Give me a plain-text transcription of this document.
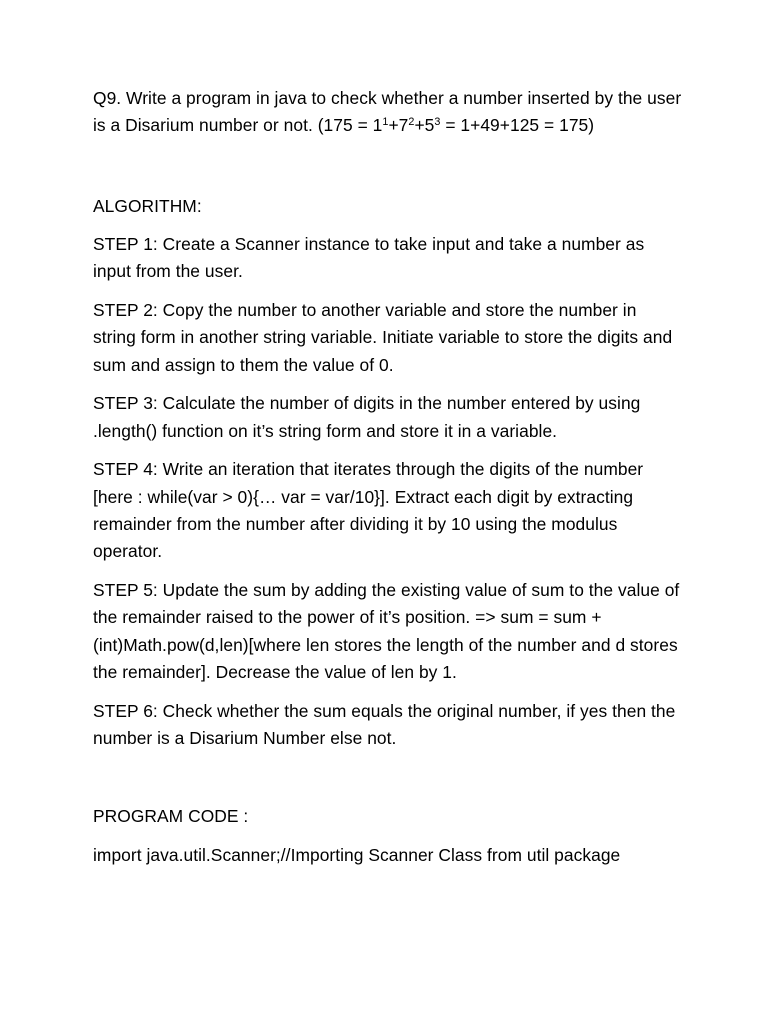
Q9. Write a program in java to check whether a number inserted by the user is a Disarium number or not. $(175 = 1^1+7^2+5^3 = 1+49+125 = 175)$

ALGORITHM:

STEP 1: Create a Scanner instance to take input and take a number as input from the user.

STEP 2: Copy the number to another variable and store the number in string form in another string variable. Initiate variable to store the digits and sum and assign to them the value of 0.

STEP 3: Calculate the number of digits in the number entered by using .length() function on it’s string form and store it in a variable.

STEP 4: Write an iteration that iterates through the digits of the number [here : while(var > 0){… var = var/10}]. Extract each digit by extracting remainder from the number after dividing it by 10 using the modulus operator.

STEP 5: Update the sum by adding the existing value of sum to the value of the remainder raised to the power of it’s position. => sum = sum + (int)Math.pow(d,len)[where len stores the length of the number and d stores the remainder]. Decrease the value of len by 1.

STEP 6: Check whether the sum equals the original number, if yes then the number is a Disarium Number else not.

PROGRAM CODE :

import java.util.Scanner;//Importing Scanner Class from util package
